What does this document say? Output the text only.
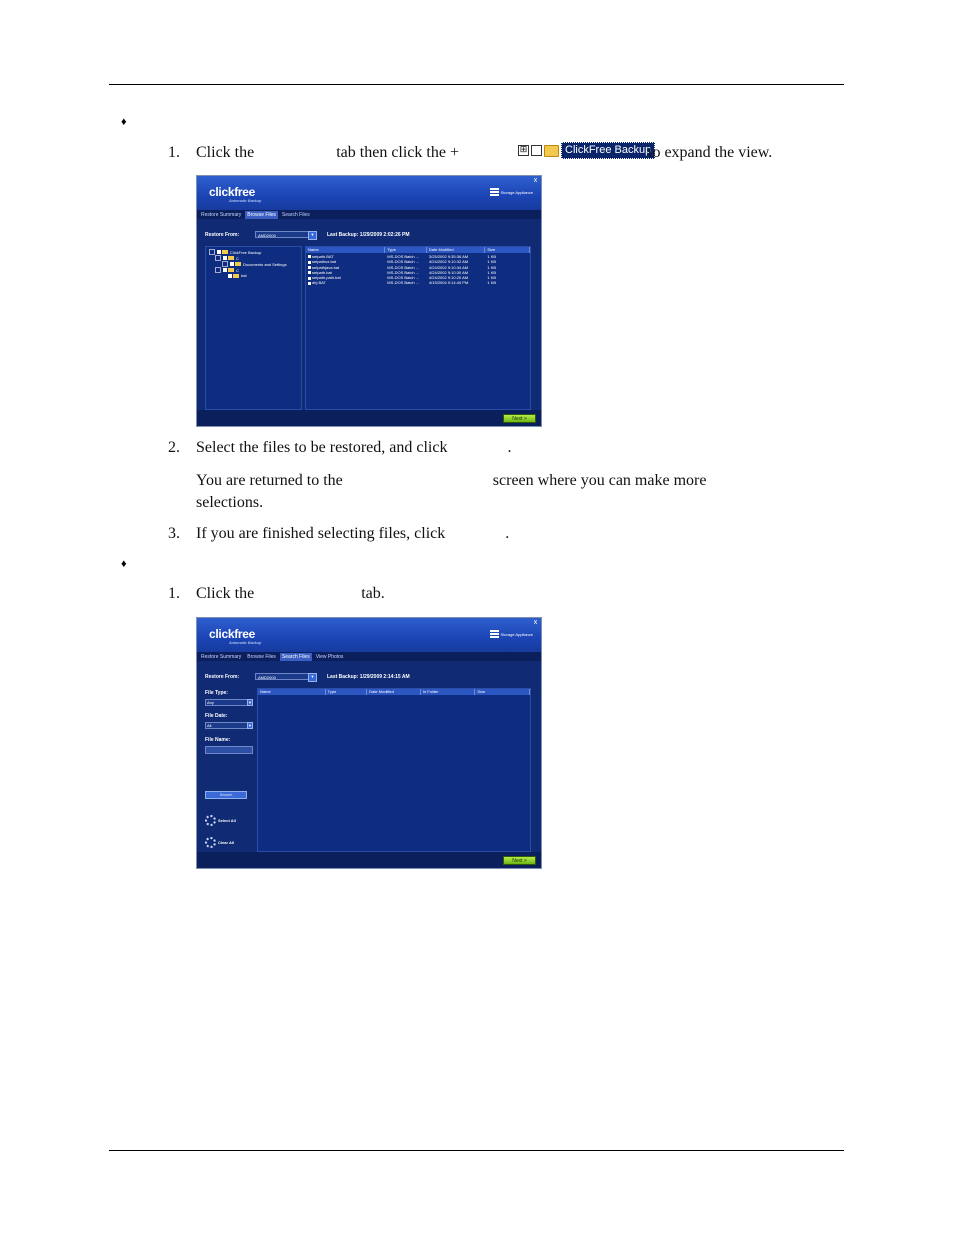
♦
1. Click the	tab then click the +	⊞	ClickFree Backup
to expand the view.
x
clickfree
Automatic Backup
Storage Appliance
Restore Summary	Browse Files	Search Files
Restore From:	AMD2000	▼	Last Backup: 1/29/2009 2:02:26 PM
ClickFree Backup
C
Documents and Settings
C
bat
Name	Type	Date Modified	Size
setpath.BAT	MS-DOS Batch ...	3/25/2002 9:35:36 AM	1 KB
setpathux.bat	MS-DOS Batch ...	4/24/2002 9:10:32 AM	1 KB
setpathjava.bat	MS-DOS Batch ...	4/24/2002 9:10:34 AM	1 KB
setpath.bat	MS-DOS Batch ...	4/24/2002 9:10:30 AM	1 KB
setpath.path.bat	MS-DOS Batch ...	4/24/2002 9:10:20 AM	1 KB
dirj.BAT	MS-DOS Batch ...	4/19/2004 9:14:40 PM	1 KB
Next >
2. Select the files to be restored, and click	.
You are returned to the	screen where you can make more
selections.
3. If you are finished selecting files, click	.
♦
1. Click the	tab.
x
clickfree
Automatic Backup
Storage Appliance
Restore Summary	Browse Files	Search Files	View Photos
Restore From:	AMD2000	▼	Last Backup: 1/29/2009 2:14:15 AM
File Type:
Any	▼
File Date:
All	▼
File Name:
Search
Select All
Clear All
Name	Type	Date Modified	In Folder	Size
Next >
